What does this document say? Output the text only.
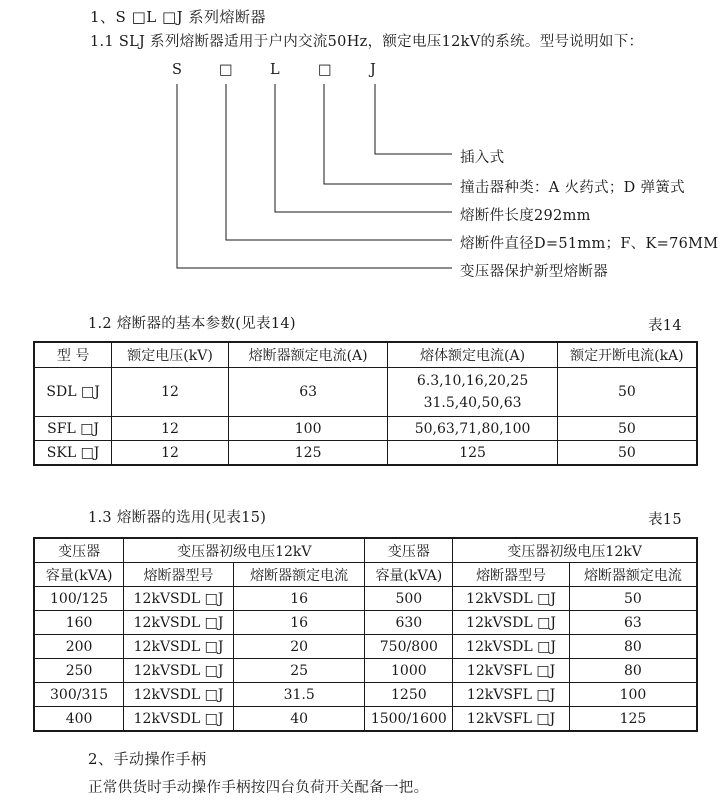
1、S □L □J 系列熔断器
1.1 SLJ 系列熔断器适用于户内交流50Hz，额定电压12kV的系统。型号说明如下：
S	□	L	□	J
插入式
撞击器种类：A 火药式；D 弹簧式
熔断件长度292mm
熔断件直径D=51mm；F、K=76MM
变压器保护新型熔断器
1.2 熔断器的基本参数(见表14)	表14
型 号	额定电压(kV)	熔断器额定电流(A)	熔体额定电流(A)	额定开断电流(kA)
SDL □J	12	63	6.3,10,16,20,25
31.5,40,50,63	50
SFL □J	12	100	50,63,71,80,100	50
SKL □J	12	125	125	50
1.3 熔断器的选用(见表15)	表15
变压器	变压器初级电压12kV		变压器	变压器初级电压12kV	
容量(kVA)	熔断器型号	熔断器额定电流	容量(kVA)	熔断器型号	熔断器额定电流
100/125	12kVSDL □J	16	500	12kVSDL □J	50
160	12kVSDL □J	16	630	12kVSDL □J	63
200	12kVSDL □J	20	750/800	12kVSDL □J	80
250	12kVSDL □J	25	1000	12kVSFL □J	80
300/315	12kVSDL □J	31.5	1250	12kVSFL □J	100
400	12kVSDL □J	40	1500/1600	12kVSFL □J	125
2、手动操作手柄
正常供货时手动操作手柄按四台负荷开关配备一把。
